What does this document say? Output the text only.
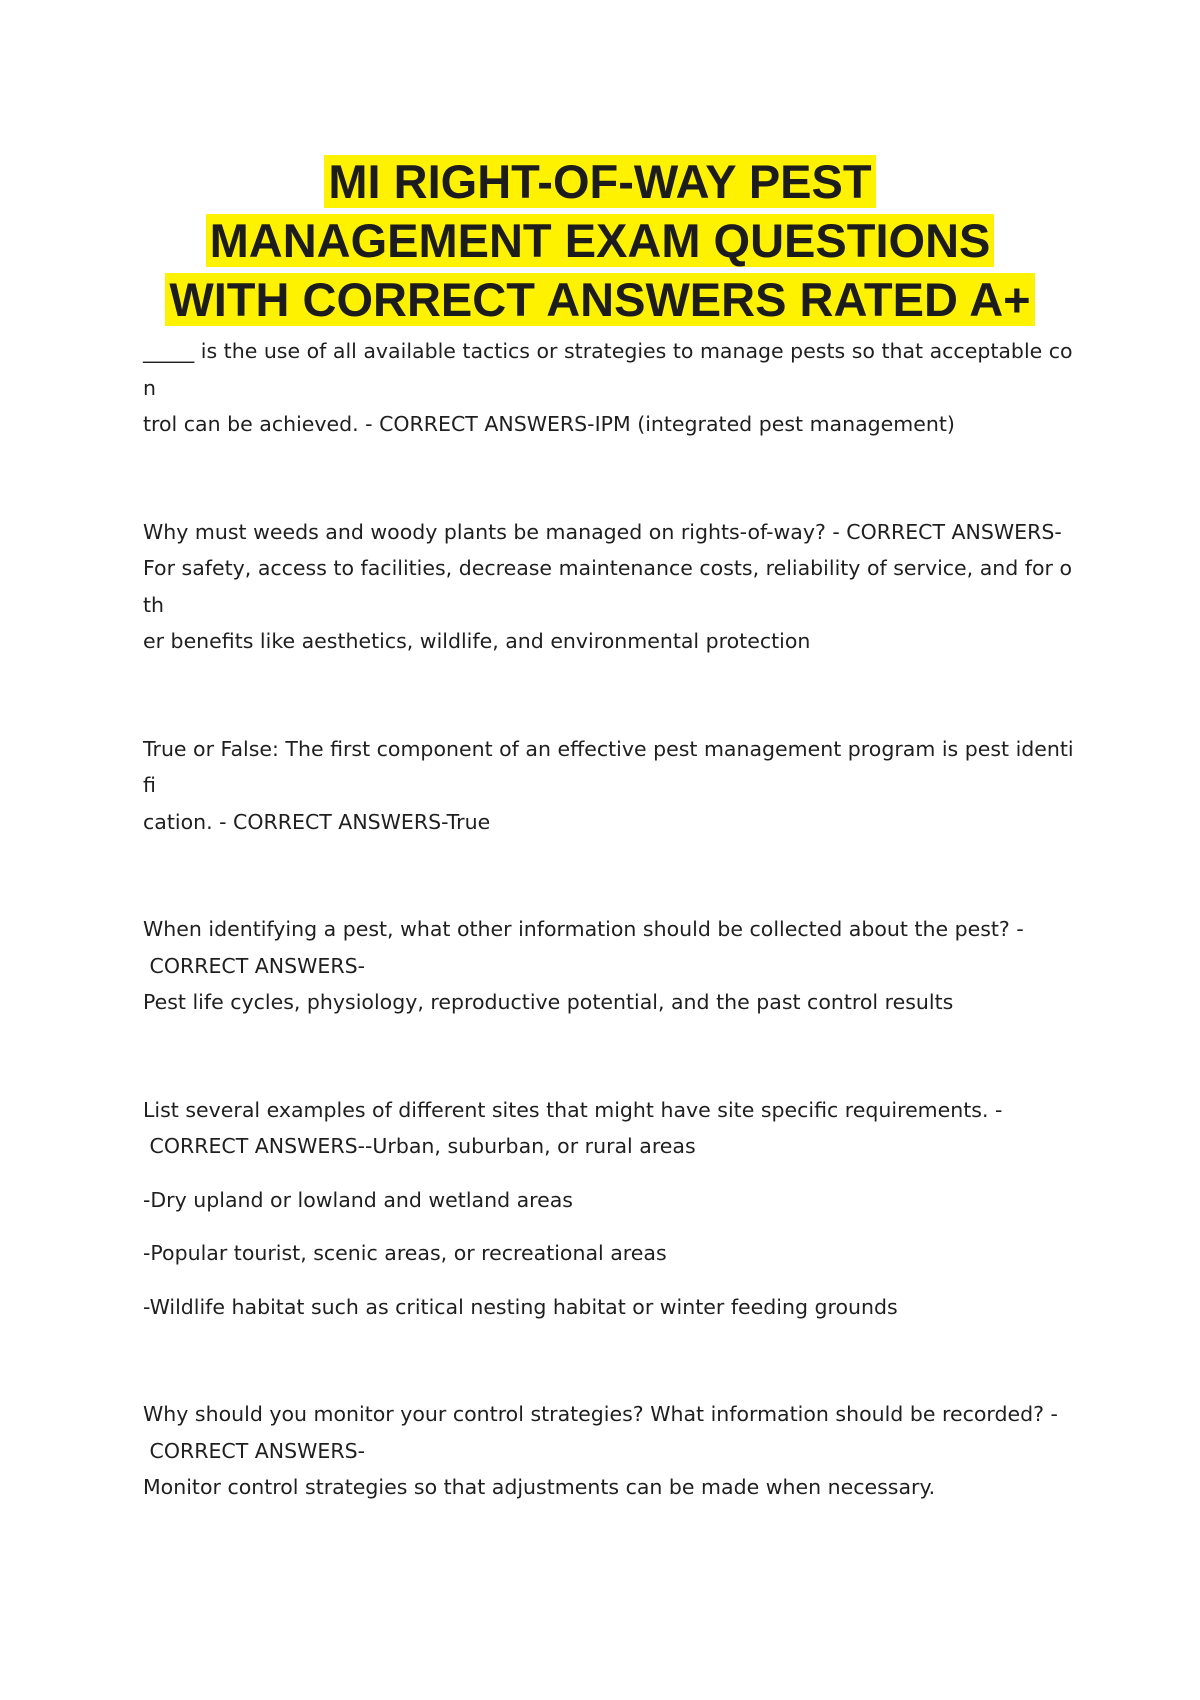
MI RIGHT-OF-WAY PEST
MANAGEMENT EXAM QUESTIONS
WITH CORRECT ANSWERS RATED A+

_____ is the use of all available tactics or strategies to manage pests so that acceptable con

trol can be achieved. - CORRECT ANSWERS-IPM (integrated pest management)

Why must weeds and woody plants be managed on rights-of-way? - CORRECT ANSWERS-

For safety, access to facilities, decrease maintenance costs, reliability of service, and for oth

er benefits like aesthetics, wildlife, and environmental protection

True or False: The first component of an effective pest management program is pest identifi

cation. - CORRECT ANSWERS-True

When identifying a pest, what other information should be collected about the pest? -

CORRECT ANSWERS-

Pest life cycles, physiology, reproductive potential, and the past control results

List several examples of different sites that might have site specific requirements. -

CORRECT ANSWERS--Urban, suburban, or rural areas

-Dry upland or lowland and wetland areas

-Popular tourist, scenic areas, or recreational areas

-Wildlife habitat such as critical nesting habitat or winter feeding grounds

Why should you monitor your control strategies? What information should be recorded? -

CORRECT ANSWERS-

Monitor control strategies so that adjustments can be made when necessary.
